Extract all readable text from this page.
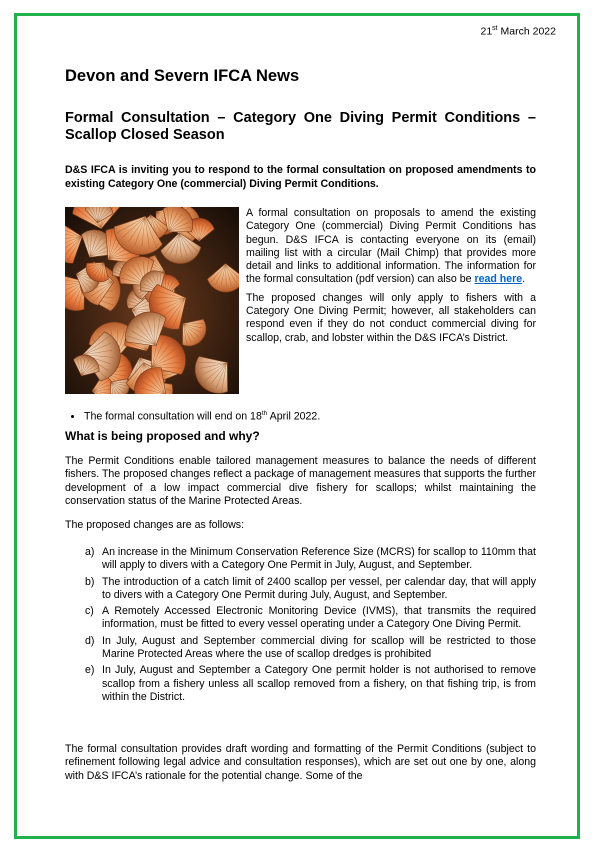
21st March 2022
Devon and Severn IFCA News
Formal Consultation – Category One Diving Permit Conditions – Scallop Closed Season

D&S IFCA is inviting you to respond to the formal consultation on proposed amendments to existing Category One (commercial) Diving Permit Conditions.

A formal consultation on proposals to amend the existing Category One (commercial) Diving Permit Conditions has begun. D&S IFCA is contacting everyone on its (email) mailing list with a circular (Mail Chimp) that provides more detail and links to additional information. The information for the formal consultation (pdf version) can also be read here.

The proposed changes will only apply to fishers with a Category One Diving Permit; however, all stakeholders can respond even if they do not conduct commercial diving for scallop, crab, and lobster within the D&S IFCA’s District.

• The formal consultation will end on 18th April 2022.
What is being proposed and why?

The Permit Conditions enable tailored management measures to balance the needs of different fishers. The proposed changes reflect a package of management measures that supports the further development of a low impact commercial dive fishery for scallops; whilst maintaining the conservation status of the Marine Protected Areas.

The proposed changes are as follows:

a) An increase in the Minimum Conservation Reference Size (MCRS) for scallop to 110mm that will apply to divers with a Category One Permit in July, August, and September.
b) The introduction of a catch limit of 2400 scallop per vessel, per calendar day, that will apply to divers with a Category One Permit during July, August, and September.
c) A Remotely Accessed Electronic Monitoring Device (IVMS), that transmits the required information, must be fitted to every vessel operating under a Category One Diving Permit.
d) In July, August and September commercial diving for scallop will be restricted to those Marine Protected Areas where the use of scallop dredges is prohibited
e) In July, August and September a Category One permit holder is not authorised to remove scallop from a fishery unless all scallop removed from a fishery, on that fishing trip, is from within the District.

The formal consultation provides draft wording and formatting of the Permit Conditions (subject to refinement following legal advice and consultation responses), which are set out one by one, along with D&S IFCA’s rationale for the potential change. Some of the
